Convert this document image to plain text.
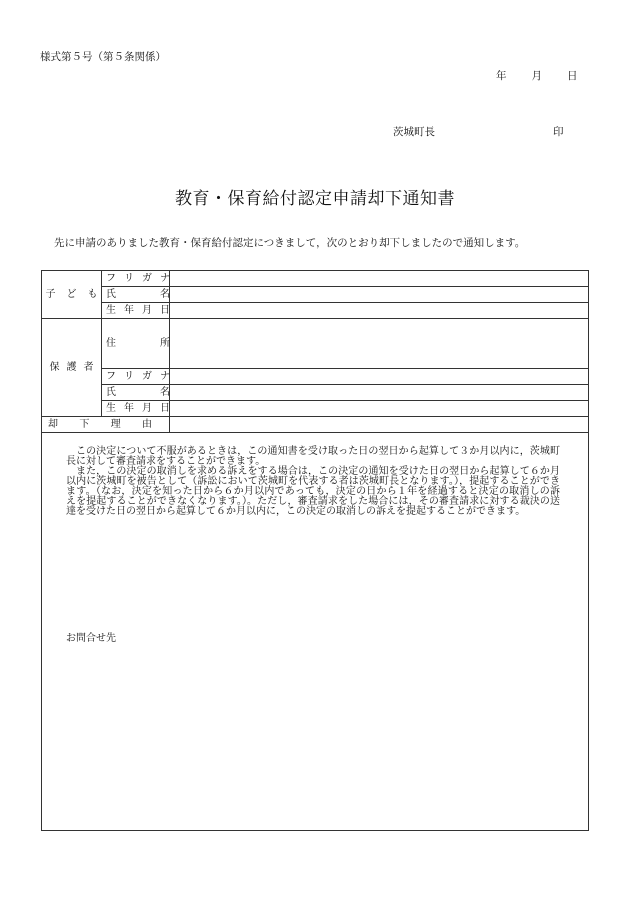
様式第５号（第５条関係）
年 月 日
茨城町長	印
教育・保育給付認定申請却下通知書
先に申請のありました教育・保育給付認定につきまして，次のとおり却下しましたので通知します。
子 ど も	フ リ ガ ナ	

	氏 名	

	生 年 月 日	

保 護 者	住 所	

	フ リ ガ ナ	

	氏 名	

	生 年 月 日	

却 下 理 由		

この決定について不服があるときは，この通知書を受け取った日の翌日から起算して３か月以内に，茨城町長に対して審査請求をすることができます。

また，この決定の取消しを求める訴えをする場合は，この決定の通知を受けた日の翌日から起算して６か月以内に茨城町を被告として（訴訟において茨城町を代表する者は茨城町長となります。），提起することができます。（なお，決定を知った日から６か月以内であっても，決定の日から１年を経過すると決定の取消しの訴えを提起することができなくなります。）。ただし，審査請求をした場合には，その審査請求に対する裁決の送達を受けた日の翌日から起算して６か月以内に，この決定の取消しの訴えを提起することができます。

お問合せ先		
